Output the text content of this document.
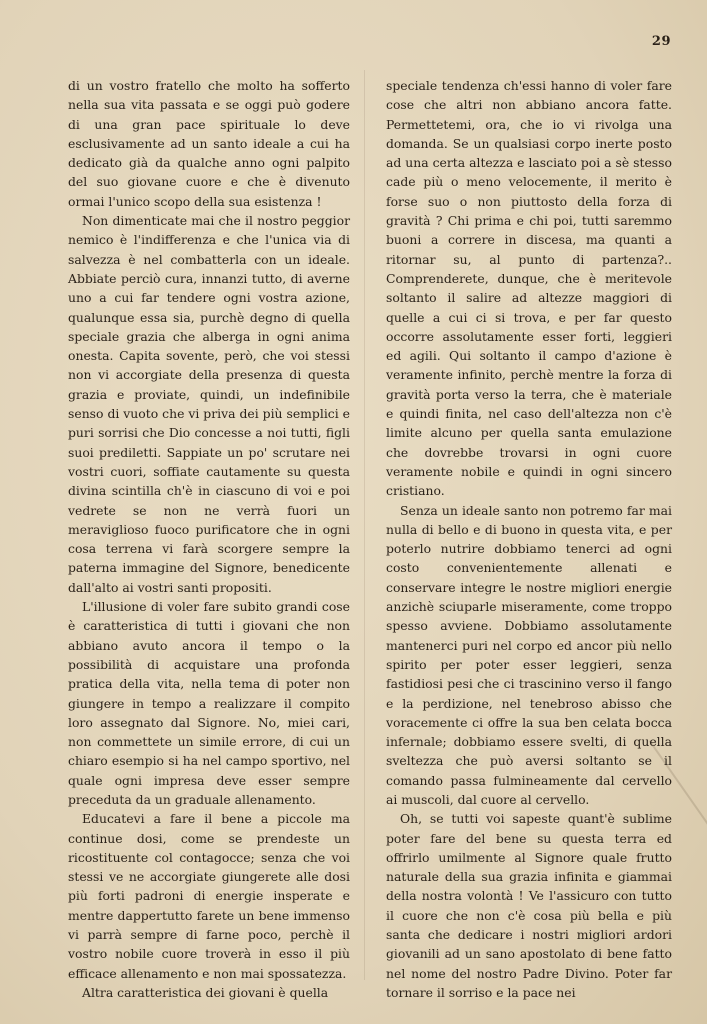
29

di un vostro fratello che molto ha sofferto nella sua vita passata e se oggi può godere di una gran pace spirituale lo deve esclusivamente ad un santo ideale a cui ha dedicato già da qualche anno ogni palpito del suo giovane cuore e che è divenuto ormai l'unico scopo della sua esistenza !

Non dimenticate mai che il nostro peggior nemico è l'indifferenza e che l'unica via di salvezza è nel combatterla con un ideale. Abbiate perciò cura, innanzi tutto, di averne uno a cui far tendere ogni vostra azione, qualunque essa sia, purchè degno di quella speciale grazia che alberga in ogni anima onesta. Capita sovente, però, che voi stessi non vi accorgiate della presenza di questa grazia e proviate, quindi, un indefinibile senso di vuoto che vi priva dei più semplici e puri sorrisi che Dio concesse a noi tutti, figli suoi prediletti. Sappiate un po' scrutare nei vostri cuori, soffiate cautamente su questa divina scintilla ch'è in ciascuno di voi e poi vedrete se non ne verrà fuori un meraviglioso fuoco purificatore che in ogni cosa terrena vi farà scorgere sempre la paterna immagine del Signore, benedicente dall'alto ai vostri santi propositi.

L'illusione di voler fare subito grandi cose è caratteristica di tutti i giovani che non abbiano avuto ancora il tempo o la possibilità di acquistare una profonda pratica della vita, nella tema di poter non giungere in tempo a realizzare il compito loro assegnato dal Signore. No, miei cari, non commettete un simile errore, di cui un chiaro esempio si ha nel campo sportivo, nel quale ogni impresa deve esser sempre preceduta da un graduale allenamento.

Educatevi a fare il bene a piccole ma continue dosi, come se prendeste un ricostituente col contagocce; senza che voi stessi ve ne accorgiate giungerete alle dosi più forti padroni di energie insperate e mentre dappertutto farete un bene immenso vi parrà sempre di farne poco, perchè il vostro nobile cuore troverà in esso il più efficace allenamento e non mai spossatezza.

Altra caratteristica dei giovani è quella

speciale tendenza ch'essi hanno di voler fare cose che altri non abbiano ancora fatte. Permettetemi, ora, che io vi rivolga una domanda. Se un qualsiasi corpo inerte posto ad una certa altezza e lasciato poi a sè stesso cade più o meno velocemente, il merito è forse suo o non piuttosto della forza di gravità ? Chi prima e chi poi, tutti saremmo buoni a correre in discesa, ma quanti a ritornar su, al punto di partenza?.. Comprenderete, dunque, che è meritevole soltanto il salire ad altezze maggiori di quelle a cui ci si trova, e per far questo occorre assolutamente esser forti, leggieri ed agili. Qui soltanto il campo d'azione è veramente infinito, perchè mentre la forza di gravità porta verso la terra, che è materiale e quindi finita, nel caso dell'altezza non c'è limite alcuno per quella santa emulazione che dovrebbe trovarsi in ogni cuore veramente nobile e quindi in ogni sincero cristiano.

Senza un ideale santo non potremo far mai nulla di bello e di buono in questa vita, e per poterlo nutrire dobbiamo tenerci ad ogni costo convenientemente allenati e conservare integre le nostre migliori energie anzichè sciuparle miseramente, come troppo spesso avviene. Dobbiamo assolutamente mantenerci puri nel corpo ed ancor più nello spirito per poter esser leggieri, senza fastidiosi pesi che ci trascinino verso il fango e la perdizione, nel tenebroso abisso che voracemente ci offre la sua ben celata bocca infernale; dobbiamo essere svelti, di quella sveltezza che può aversi soltanto se il comando passa fulmineamente dal cervello ai muscoli, dal cuore al cervello.

Oh, se tutti voi sapeste quant'è sublime poter fare del bene su questa terra ed offrirlo umilmente al Signore quale frutto naturale della sua grazia infinita e giammai della nostra volontà ! Ve l'assicuro con tutto il cuore che non c'è cosa più bella e più santa che dedicare i nostri migliori ardori giovanili ad un sano apostolato di bene fatto nel nome del nostro Padre Divino. Poter far tornare il sorriso e la pace nei
